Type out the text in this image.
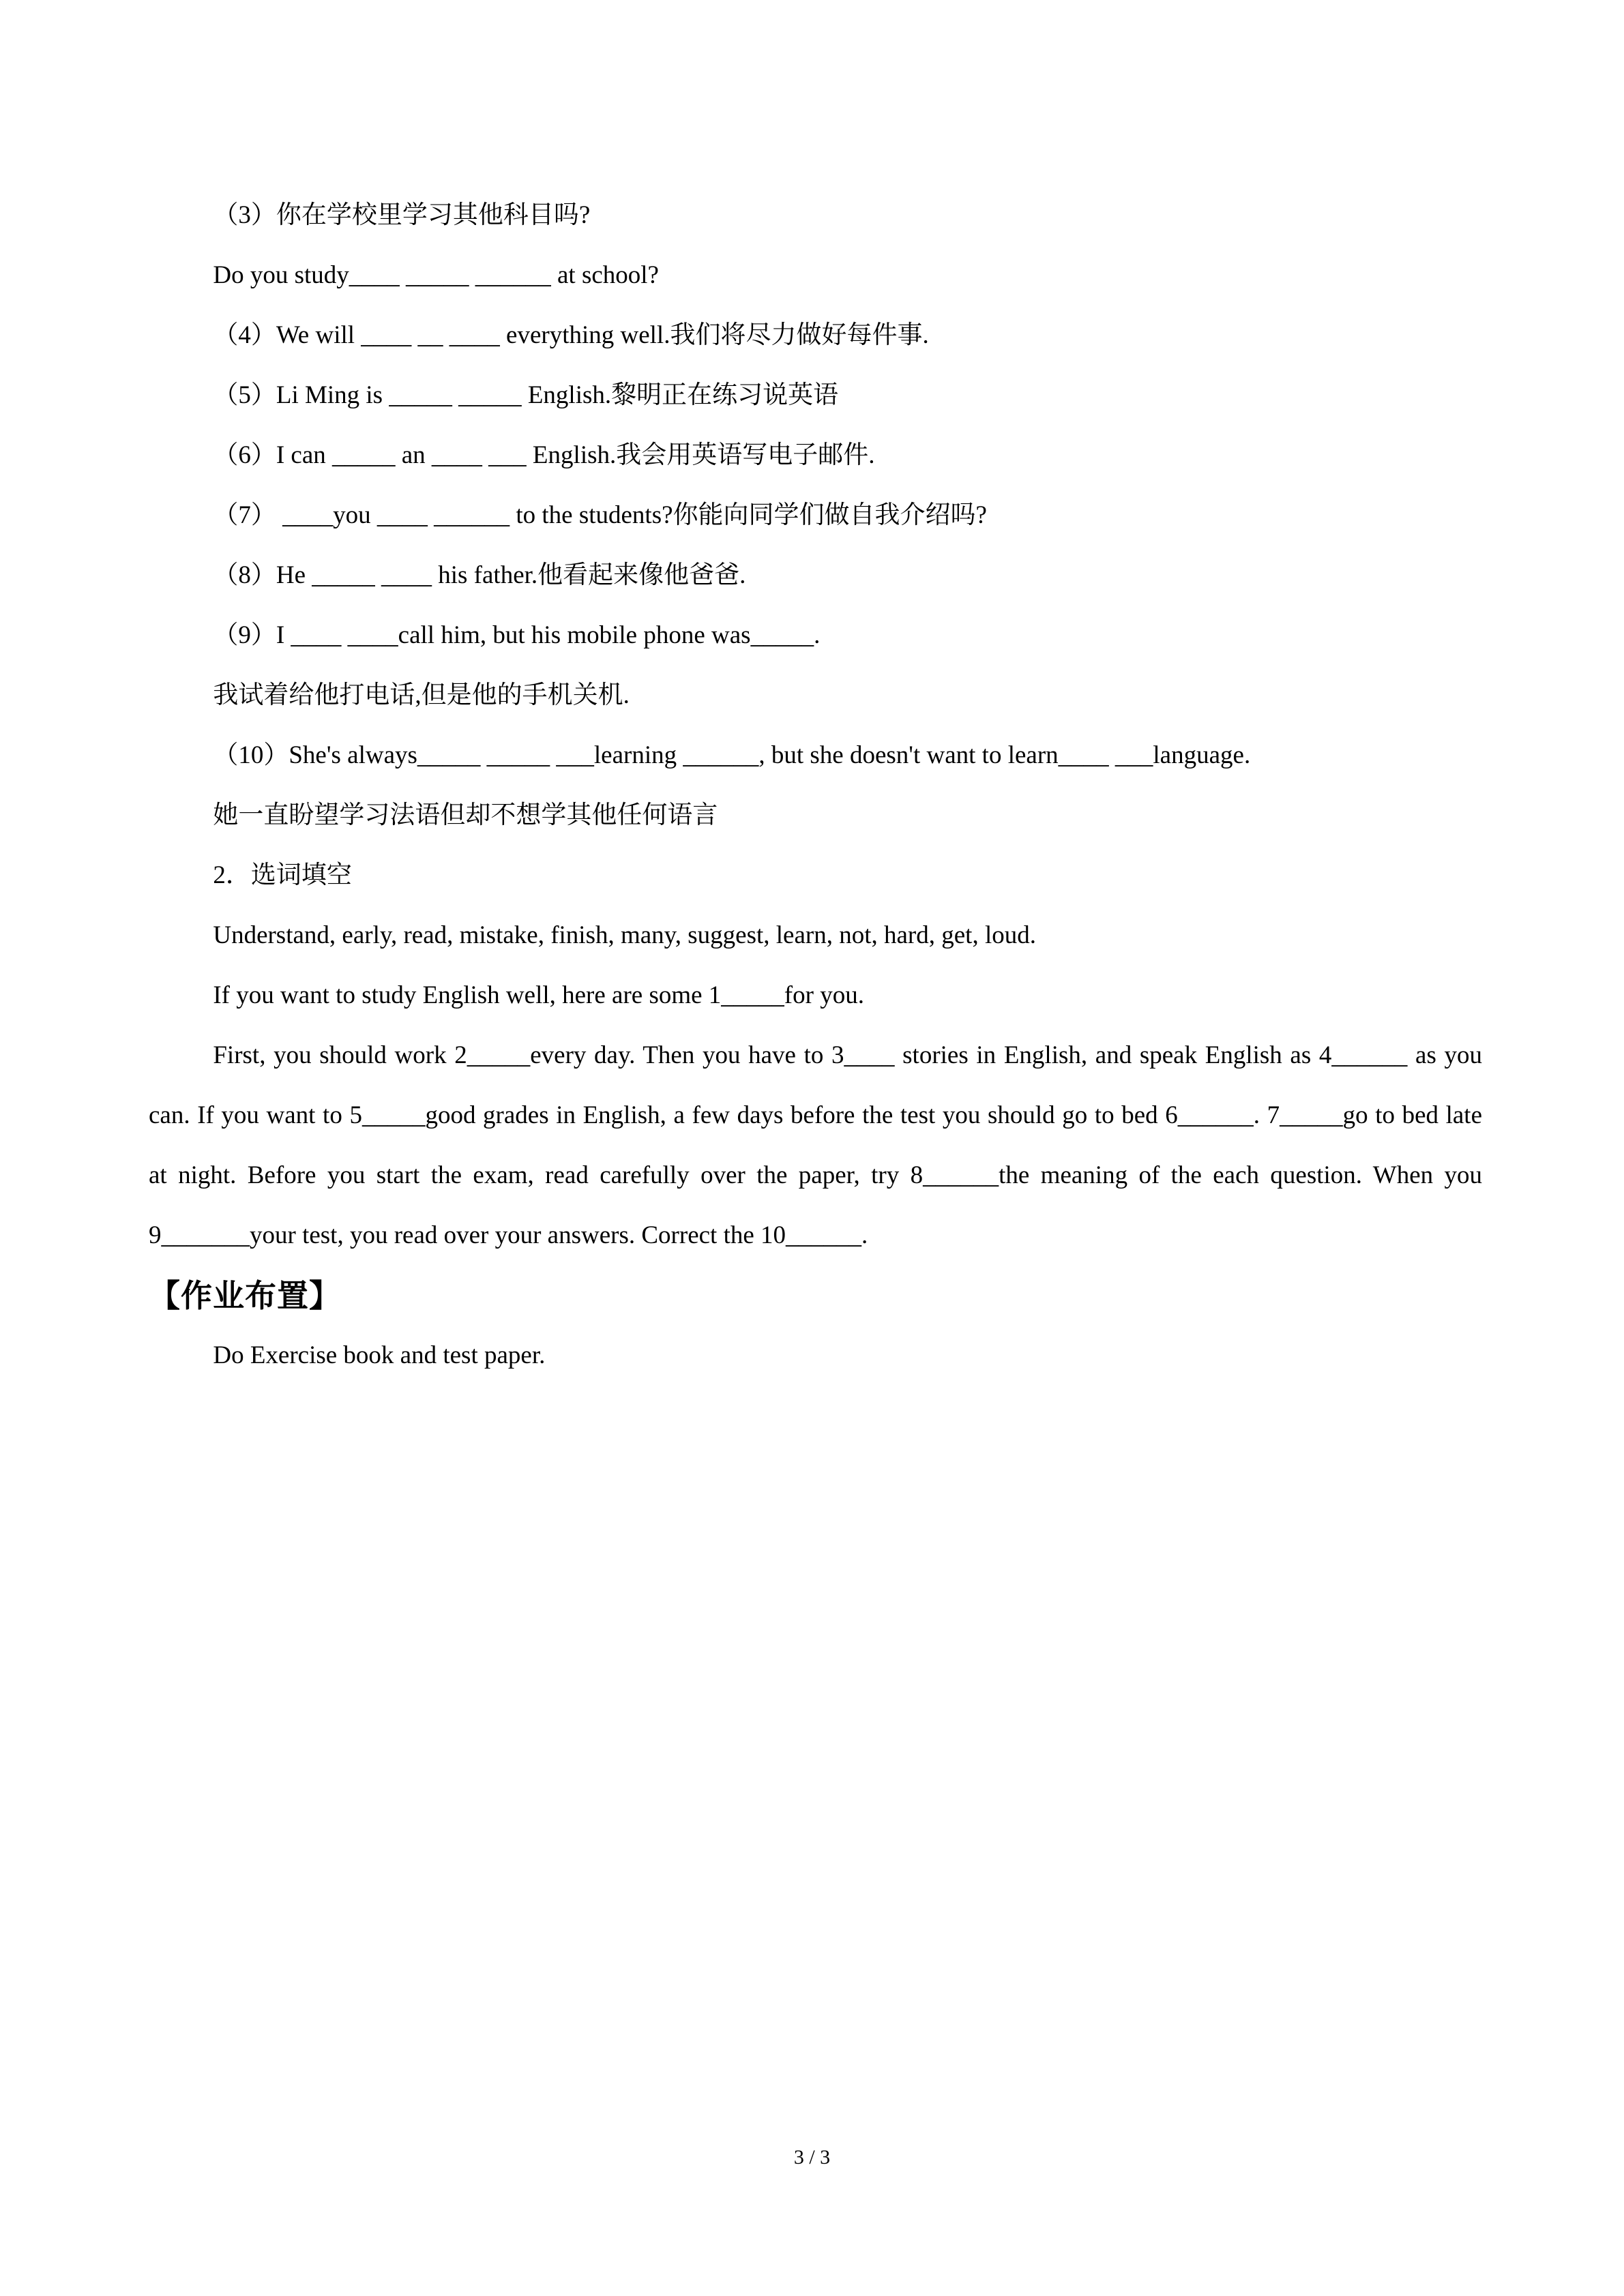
（3）你在学校里学习其他科目吗?

Do you study____ _____ ______ at school?

（4）We will ____ __ ____ everything well.我们将尽力做好每件事.

（5）Li Ming is _____ _____ English.黎明正在练习说英语

（6）I can _____ an ____ ___ English.我会用英语写电子邮件.

（7） ____you ____ ______ to the students?你能向同学们做自我介绍吗?

（8）He _____ ____ his father.他看起来像他爸爸.

（9）I ____ ____call him, but his mobile phone was_____.

我试着给他打电话,但是他的手机关机.

（10）She's always_____ _____ ___learning ______, but she doesn't want to learn____ ___language.

她一直盼望学习法语但却不想学其他任何语言

2．选词填空

Understand, early, read, mistake, finish, many, suggest, learn, not, hard, get, loud.

If you want to study English well, here are some 1_____for you.

First, you should work 2_____every day. Then you have to 3____ stories in English, and speak English as 4______ as you can. If you want to 5_____good grades in English, a few days before the test you should go to bed 6______. 7_____go to bed late at night. Before you start the exam, read carefully over the paper, try 8______the meaning of the each question. When you 9_______your test, you read over your answers. Correct the 10______.

【作业布置】

Do Exercise book and test paper.

3 / 3
